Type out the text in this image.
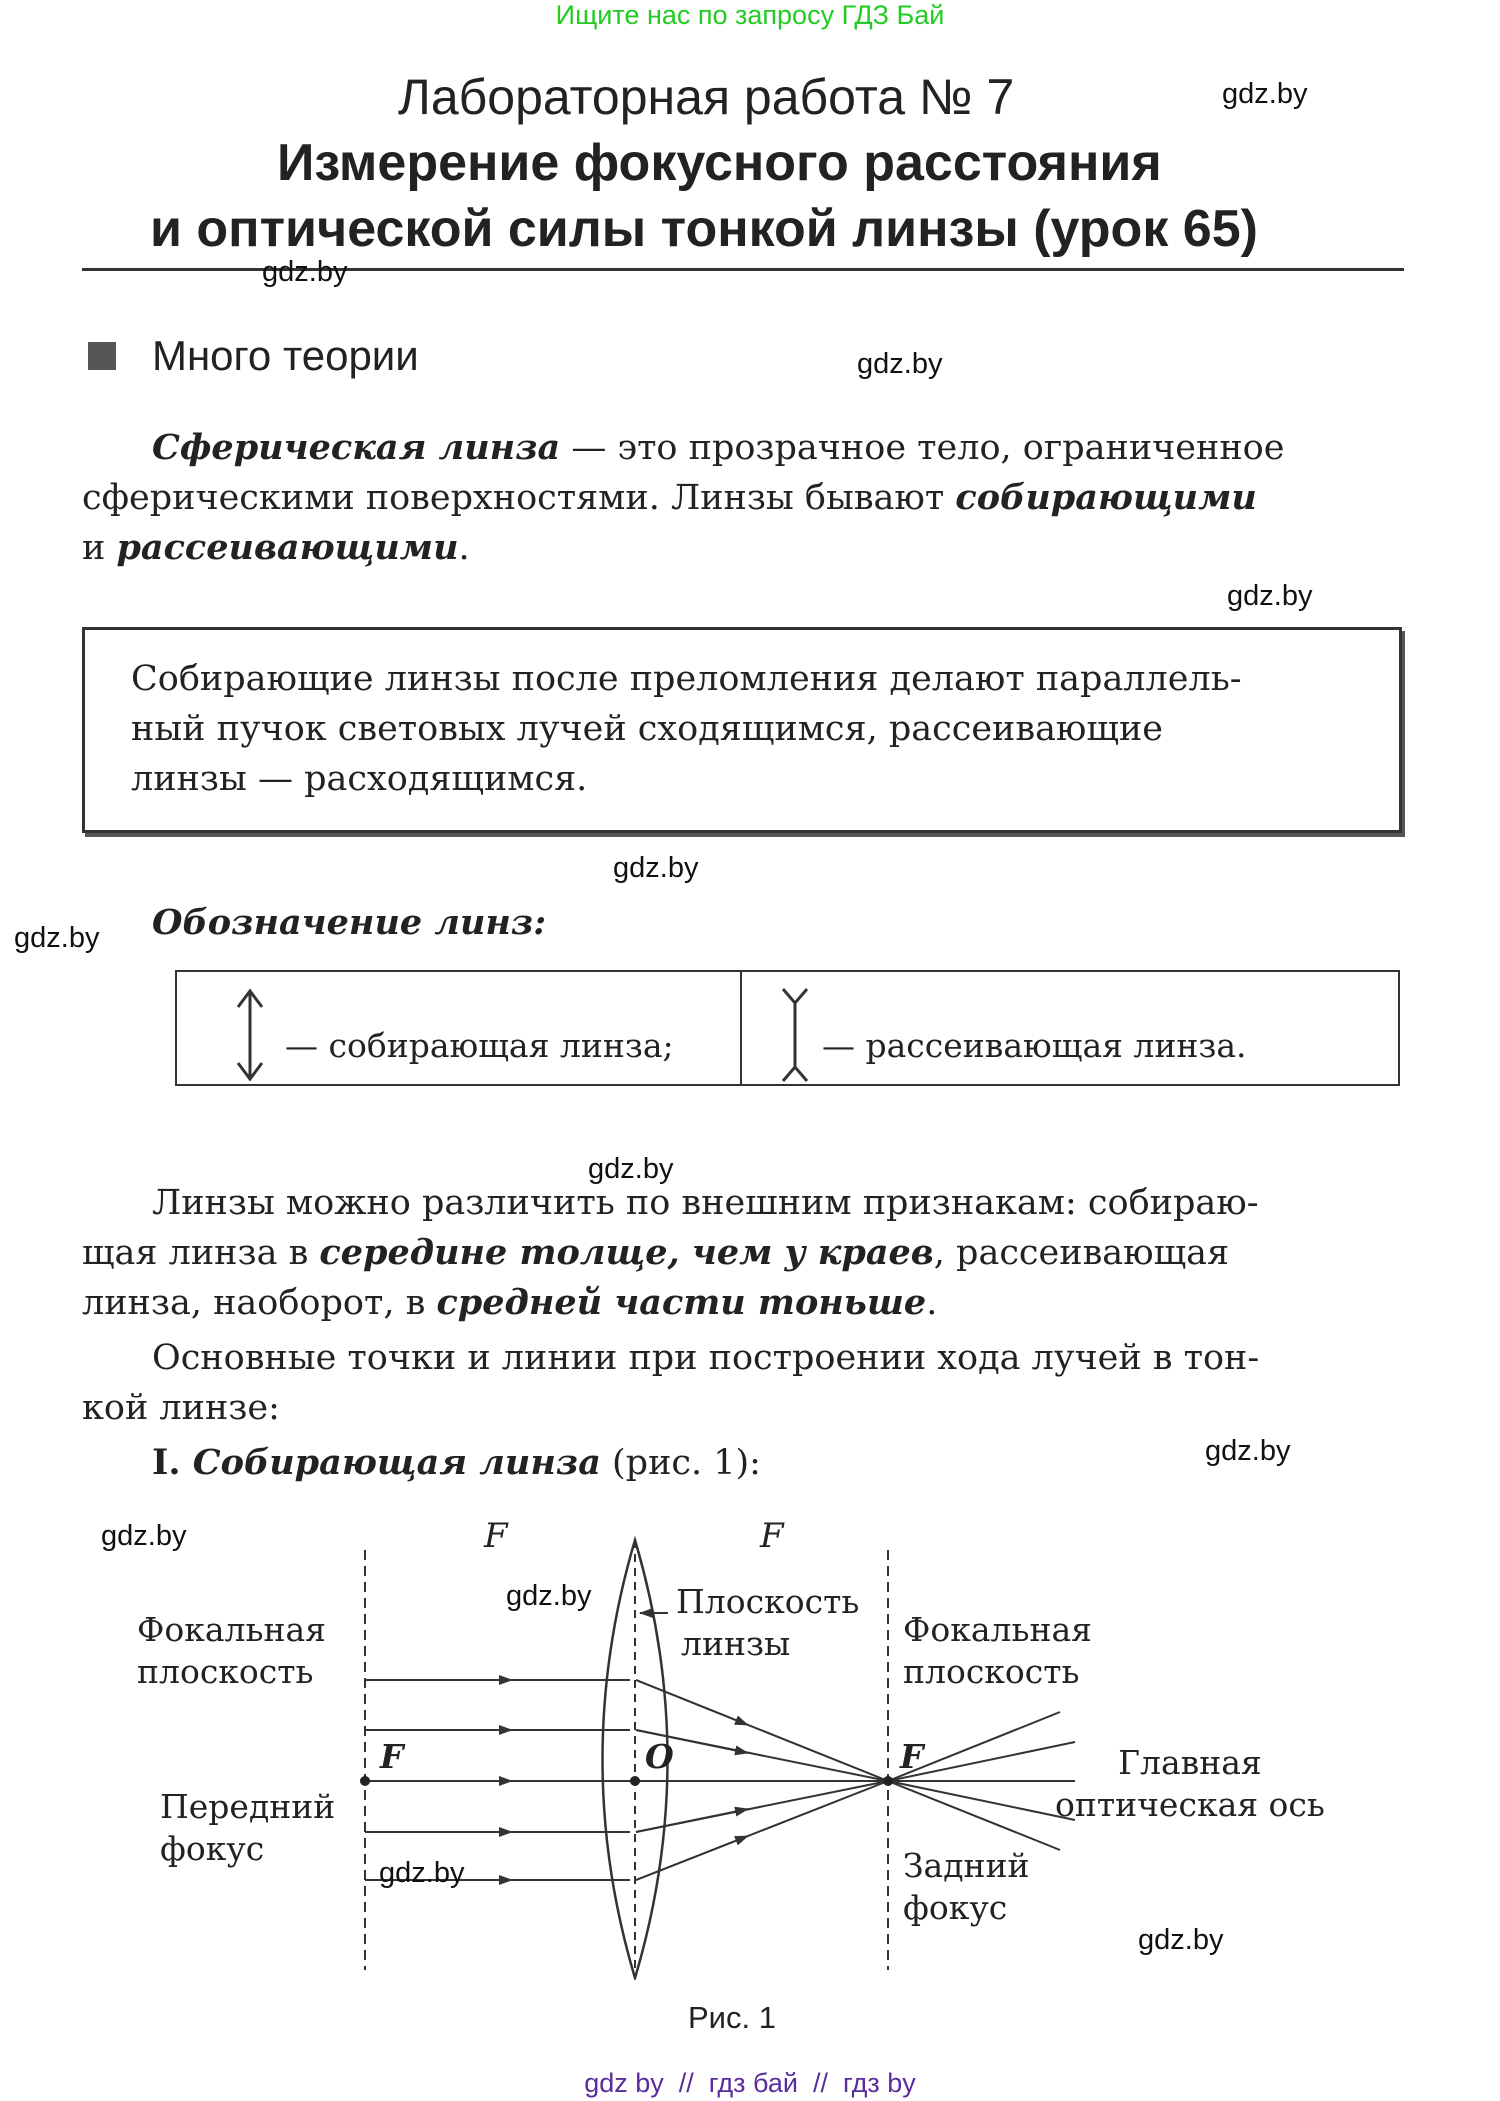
Ищите нас по запросу ГДЗ Бай
Лабораторная работа № 7
Измерение фокусного расстояния
и оптической силы тонкой линзы (урок 65)
Много теории
Сферическая линза — это прозрачное тело, ограниченное
сферическими поверхностями. Линзы бывают собирающими
и рассеивающими.
Собирающие линзы после преломления делают параллель-
ный пучок световых лучей сходящимся, рассеивающие
линзы — расходящимся.
Обозначение линз:
— собирающая линза;	— рассеивающая линза.
Линзы можно различить по внешним признакам: собираю-
щая линза в середине толще, чем у краев, рассеивающая
линза, наоборот, в средней части тоньше.
Основные точки и линии при построении хода лучей в тон-
кой линзе:
I. Собирающая линза (рис. 1):
F	F
Плоскость
линзы
Фокальная
плоскость
Фокальная
плоскость
F	O	F
Передний
фокус
Главная
оптическая ось
Задний
фокус
Рис. 1
gdz.by
gdz.by
gdz.by
gdz.by
gdz.by
gdz.by
gdz.by
gdz.by
gdz.by
gdz.by
gdz.by
gdz.by
gdz by  //  гдз бай  //  гдз by
